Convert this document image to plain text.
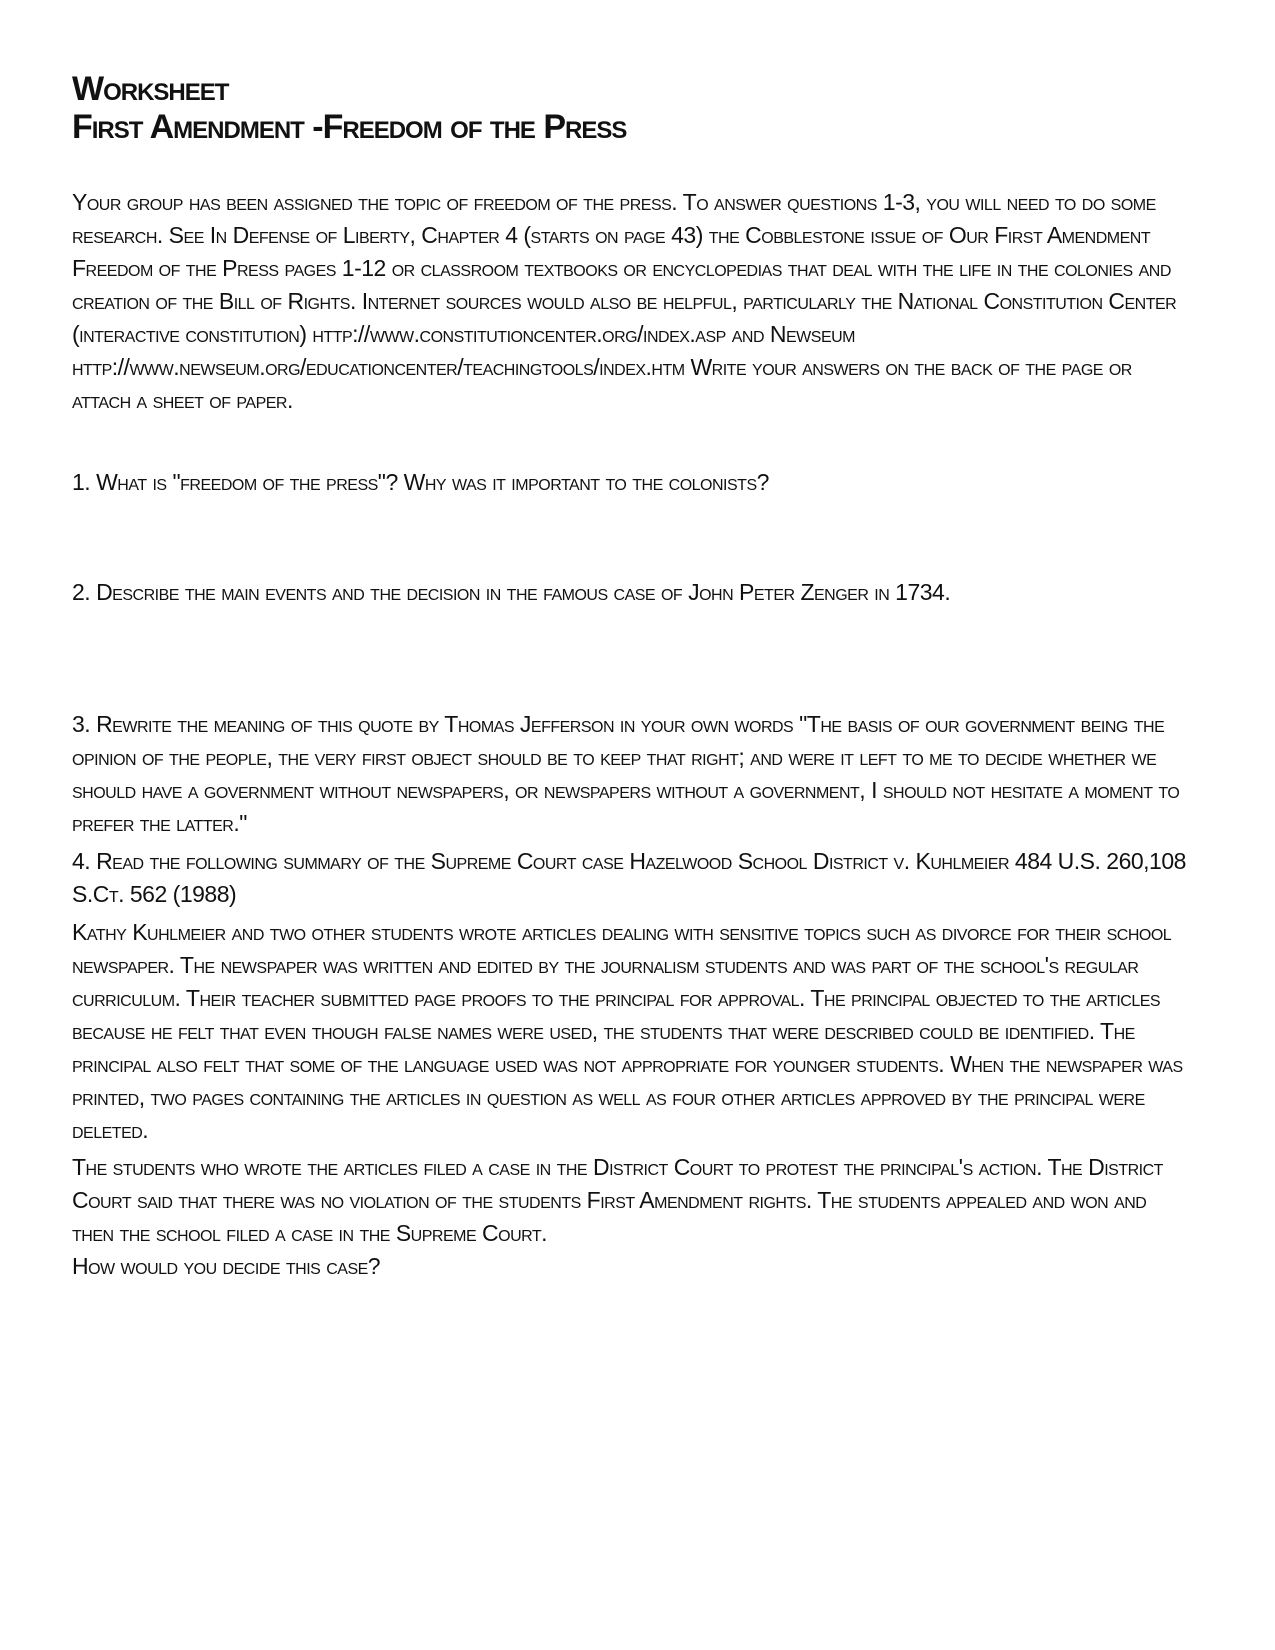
Worksheet
First Amendment -Freedom of the Press

Your group has been assigned the topic of freedom of the press. To answer questions 1-3, you will need to do some research. See In Defense of Liberty, Chapter 4 (starts on page 43) the Cobblestone issue of Our First Amendment Freedom of the Press pages 1-12 or classroom textbooks or encyclopedias that deal with the life in the colonies and creation of the Bill of Rights. Internet sources would also be helpful, particularly the National Constitution Center (interactive constitution) http://www.constitutioncenter.org/index.asp and Newseum http://www.newseum.org/educationcenter/teachingtools/index.htm Write your answers on the back of the page or attach a sheet of paper.

1. What is "freedom of the press"? Why was it important to the colonists?

2. Describe the main events and the decision in the famous case of John Peter Zenger in 1734.

3. Rewrite the meaning of this quote by Thomas Jefferson in your own words "The basis of our government being the opinion of the people, the very first object should be to keep that right; and were it left to me to decide whether we should have a government without newspapers, or newspapers without a government, I should not hesitate a moment to prefer the latter."

4. Read the following summary of the Supreme Court case Hazelwood School District v. Kuhlmeier 484 U.S. 260,108 S.Ct. 562 (1988)

Kathy Kuhlmeier and two other students wrote articles dealing with sensitive topics such as divorce for their school newspaper. The newspaper was written and edited by the journalism students and was part of the school's regular curriculum. Their teacher submitted page proofs to the principal for approval. The principal objected to the articles because he felt that even though false names were used, the students that were described could be identified. The principal also felt that some of the language used was not appropriate for younger students. When the newspaper was printed, two pages containing the articles in question as well as four other articles approved by the principal were deleted.

The students who wrote the articles filed a case in the District Court to protest the principal's action. The District Court said that there was no violation of the students First Amendment rights. The students appealed and won and then the school filed a case in the Supreme Court.
How would you decide this case?
